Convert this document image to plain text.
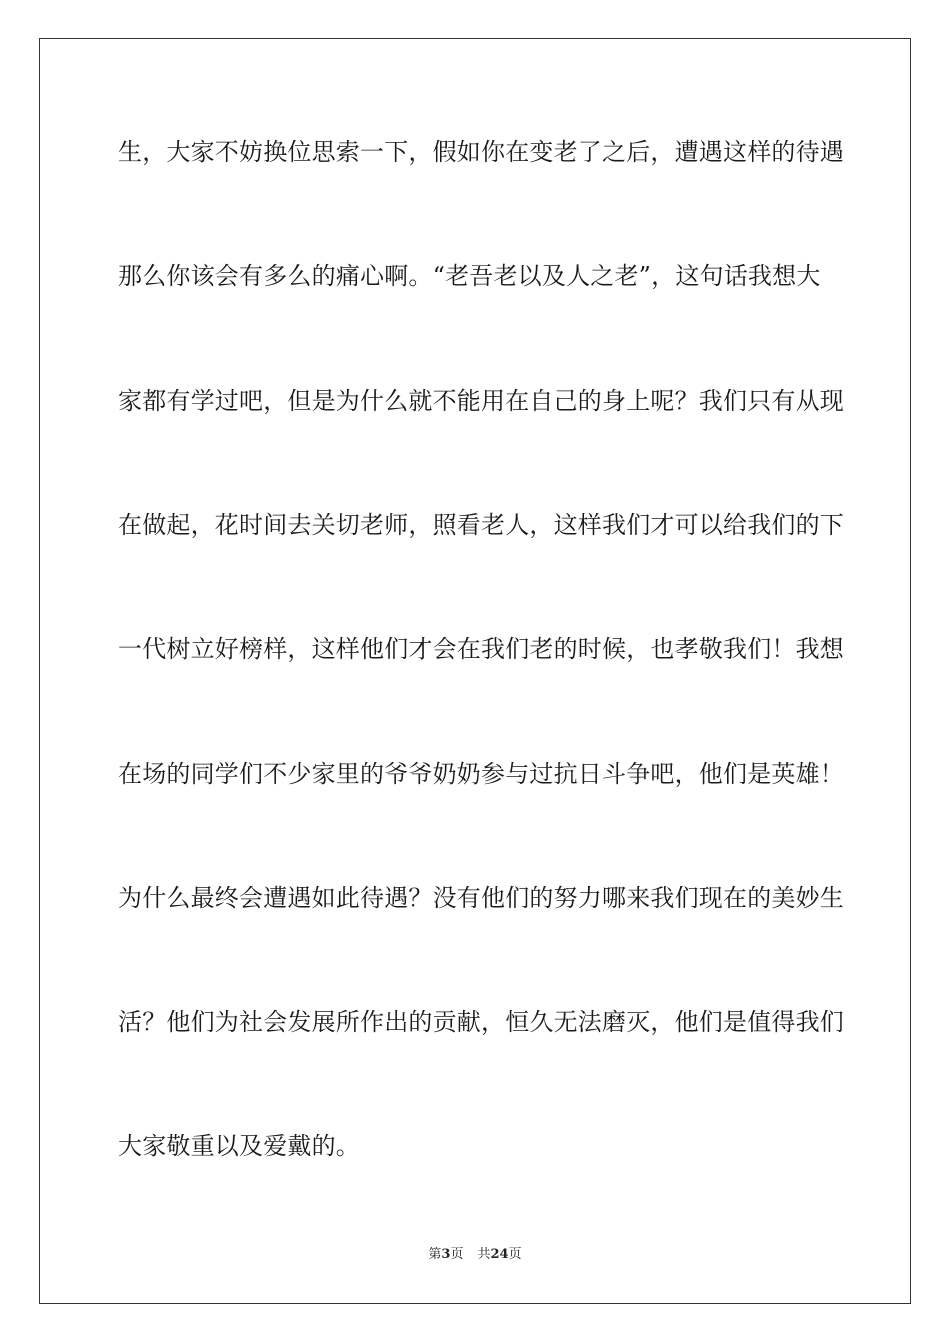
生，大家不妨换位思索一下，假如你在变老了之后，遭遇这样的待遇
那么你该会有多么的痛心啊。“老吾老以及人之老”，这句话我想大
家都有学过吧，但是为什么就不能用在自己的身上呢？我们只有从现
在做起，花时间去关切老师，照看老人，这样我们才可以给我们的下
一代树立好榜样，这样他们才会在我们老的时候，也孝敬我们！我想
在场的同学们不少家里的爷爷奶奶参与过抗日斗争吧，他们是英雄！
为什么最终会遭遇如此待遇？没有他们的努力哪来我们现在的美妙生
活？他们为社会发展所作出的贡献，恒久无法磨灭，他们是值得我们
大家敬重以及爱戴的。
第3页 共24页
